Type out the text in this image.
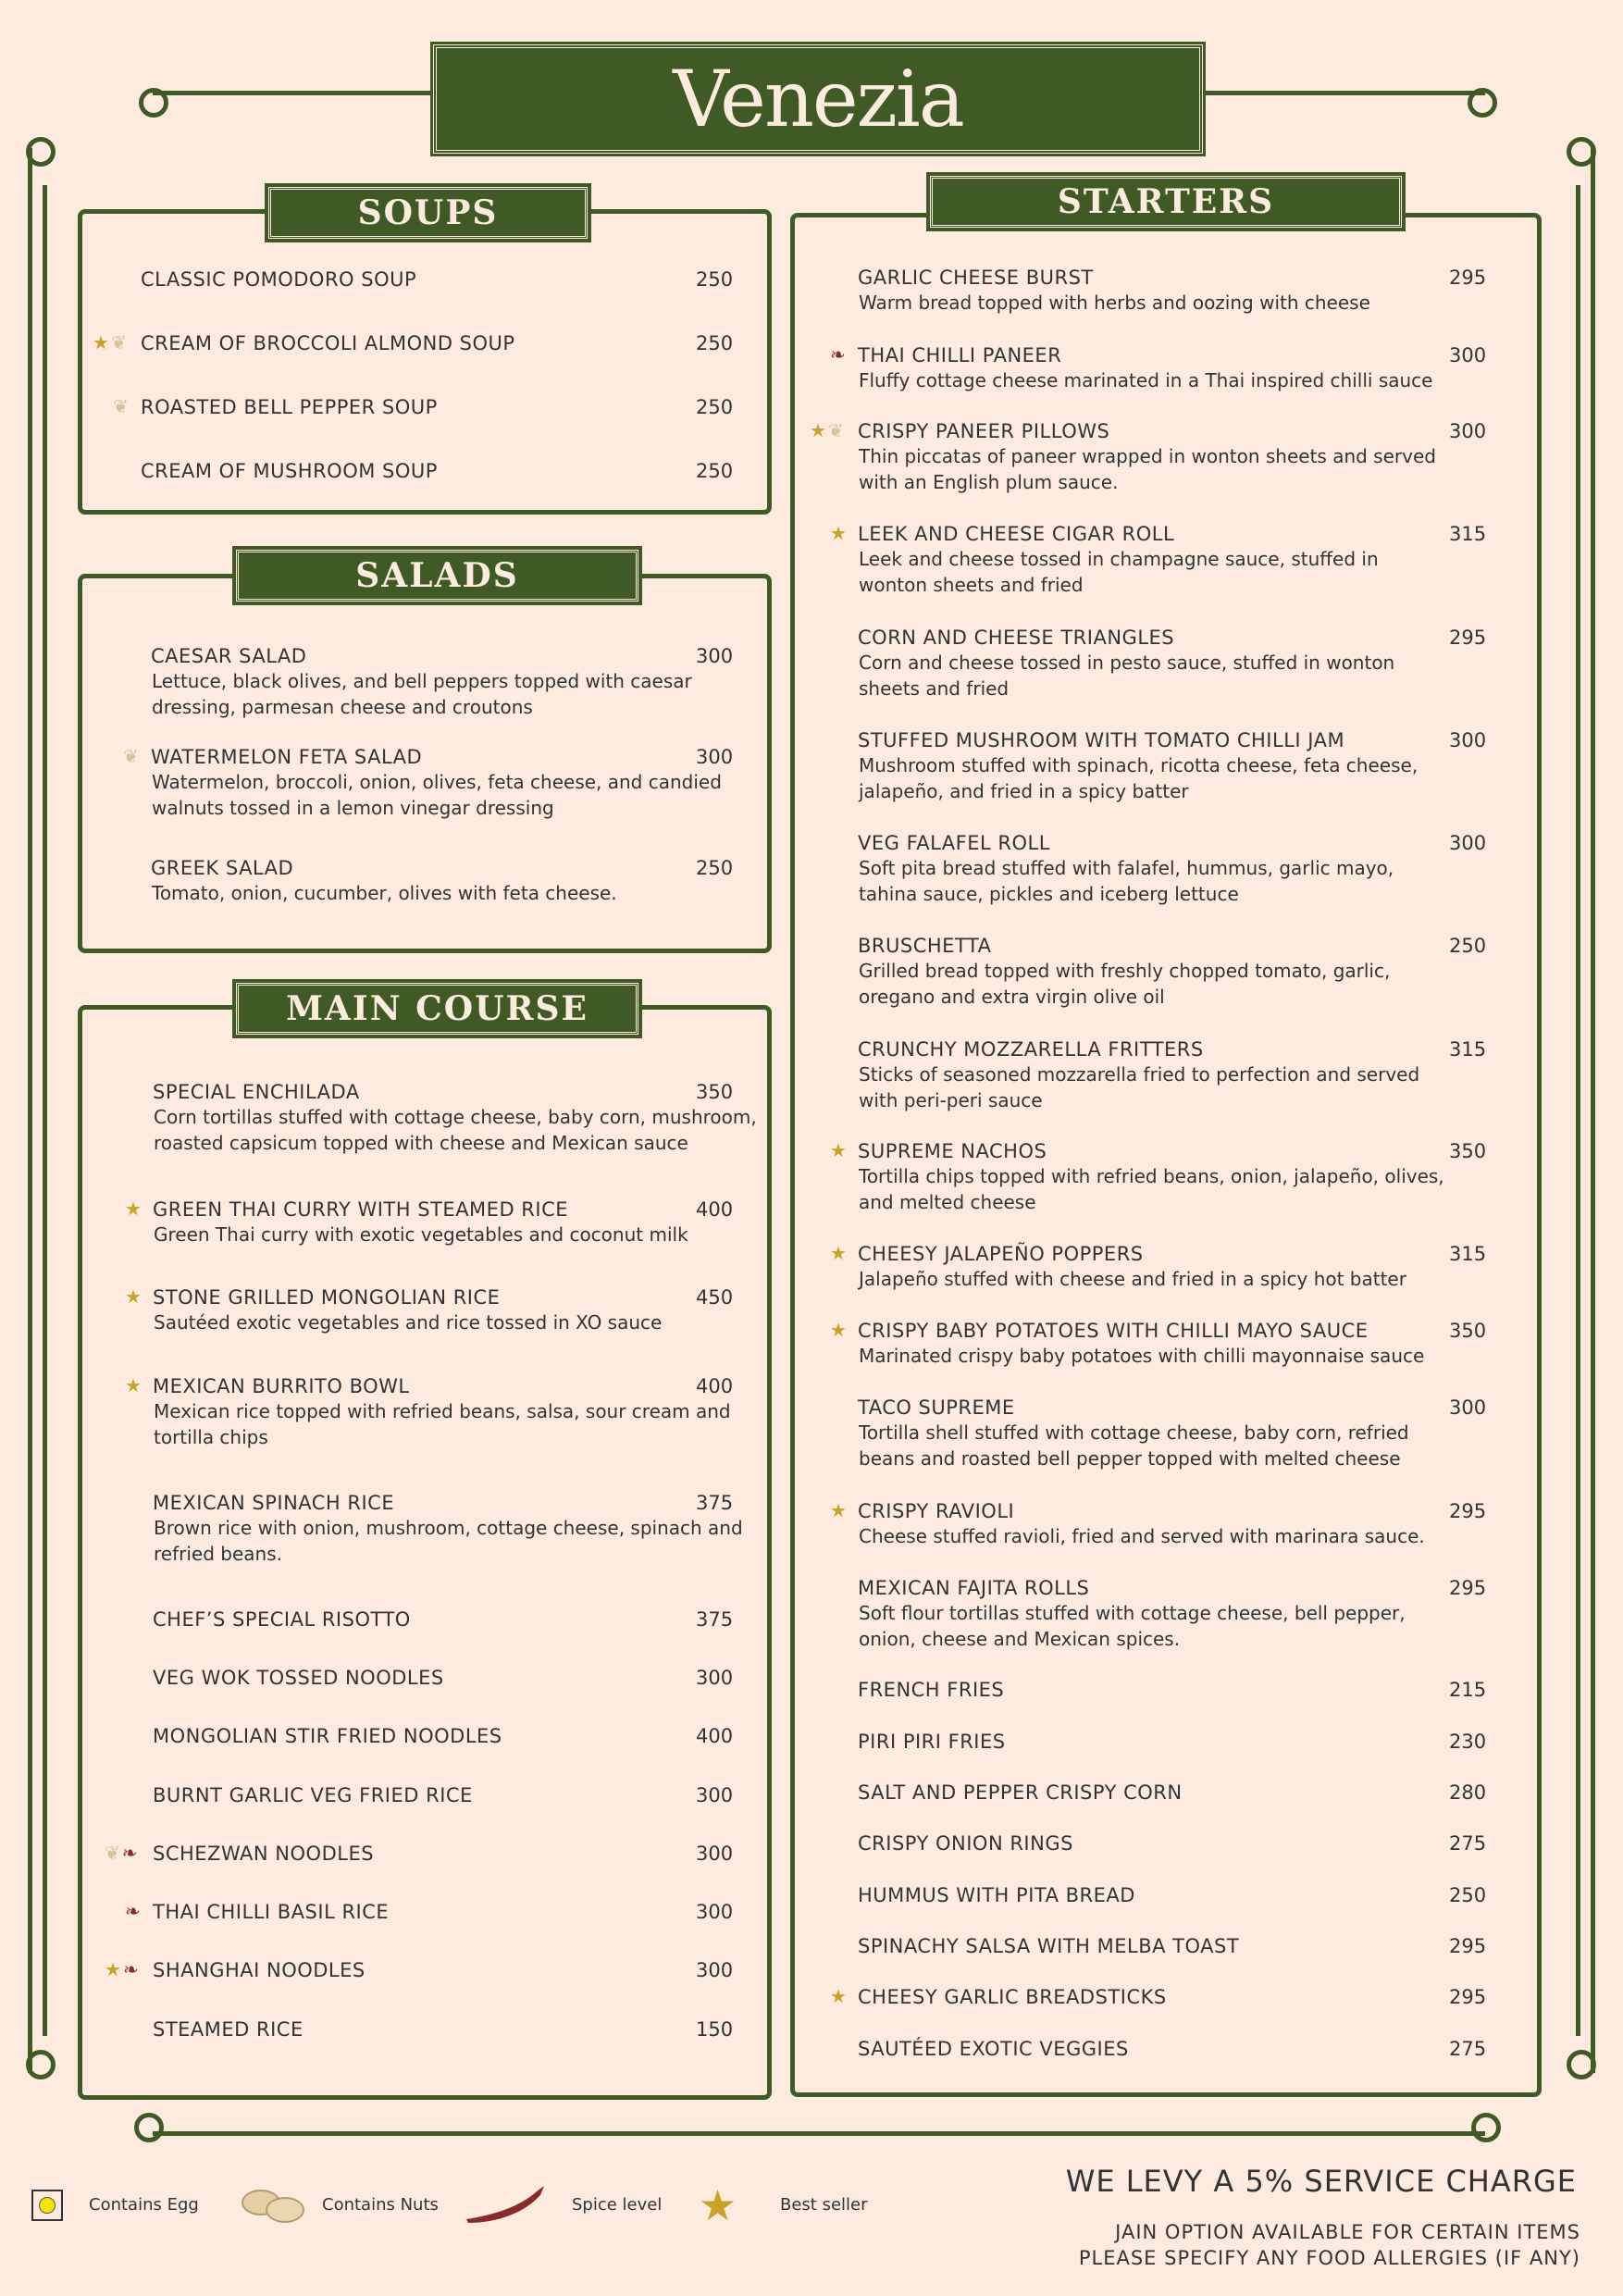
Venezia
SOUPS
SALADS
MAIN COURSE
STARTERS
CLASSIC POMODORO SOUP	250
CREAM OF BROCCOLI ALMOND SOUP	250
★ ❦
ROASTED BELL PEPPER SOUP	250
❦
CREAM OF MUSHROOM SOUP	250
CAESAR SALAD	300
Lettuce, black olives, and bell peppers topped with caesar dressing, parmesan cheese and croutons
WATERMELON FETA SALAD	300
Watermelon, broccoli, onion, olives, feta cheese, and candied walnuts tossed in a lemon vinegar dressing
❦
GREEK SALAD	250
Tomato, onion, cucumber, olives with feta cheese.
SPECIAL ENCHILADA	350
Corn tortillas stuffed with cottage cheese, baby corn, mushroom, roasted capsicum topped with cheese and Mexican sauce
GREEN THAI CURRY WITH STEAMED RICE	400
Green Thai curry with exotic vegetables and coconut milk
★
STONE GRILLED MONGOLIAN RICE	450
Sautéed exotic vegetables and rice tossed in XO sauce
★
MEXICAN BURRITO BOWL	400
Mexican rice topped with refried beans, salsa, sour cream and tortilla chips
★
MEXICAN SPINACH RICE	375
Brown rice with onion, mushroom, cottage cheese, spinach and refried beans.
CHEF’S SPECIAL RISOTTO	375
VEG WOK TOSSED NOODLES	300
MONGOLIAN STIR FRIED NOODLES	400
BURNT GARLIC VEG FRIED RICE	300
SCHEZWAN NOODLES	300
❦ ❧
THAI CHILLI BASIL RICE	300
❧
SHANGHAI NOODLES	300
★ ❧
STEAMED RICE	150
GARLIC CHEESE BURST	295
Warm bread topped with herbs and oozing with cheese
THAI CHILLI PANEER	300
Fluffy cottage cheese marinated in a Thai inspired chilli sauce
❧
CRISPY PANEER PILLOWS	300
Thin piccatas of paneer wrapped in wonton sheets and served with an English plum sauce.
★ ❦
LEEK AND CHEESE CIGAR ROLL	315
Leek and cheese tossed in champagne sauce, stuffed in wonton sheets and fried
★
CORN AND CHEESE TRIANGLES	295
Corn and cheese tossed in pesto sauce, stuffed in wonton sheets and fried
STUFFED MUSHROOM WITH TOMATO CHILLI JAM	300
Mushroom stuffed with spinach, ricotta cheese, feta cheese, jalapeño, and fried in a spicy batter
VEG FALAFEL ROLL	300
Soft pita bread stuffed with falafel, hummus, garlic mayo, tahina sauce, pickles and iceberg lettuce
BRUSCHETTA	250
Grilled bread topped with freshly chopped tomato, garlic, oregano and extra virgin olive oil
CRUNCHY MOZZARELLA FRITTERS	315
Sticks of seasoned mozzarella fried to perfection and served with peri-peri sauce
SUPREME NACHOS	350
Tortilla chips topped with refried beans, onion, jalapeño, olives, and melted cheese
★
CHEESY JALAPEÑO POPPERS	315
Jalapeño stuffed with cheese and fried in a spicy hot batter
★
CRISPY BABY POTATOES WITH CHILLI MAYO SAUCE	350
Marinated crispy baby potatoes with chilli mayonnaise sauce
★
TACO SUPREME	300
Tortilla shell stuffed with cottage cheese, baby corn, refried beans and roasted bell pepper topped with melted cheese
CRISPY RAVIOLI	295
Cheese stuffed ravioli, fried and served with marinara sauce.
★
MEXICAN FAJITA ROLLS	295
Soft flour tortillas stuffed with cottage cheese, bell pepper, onion, cheese and Mexican spices.
FRENCH FRIES	215
PIRI PIRI FRIES	230
SALT AND PEPPER CRISPY CORN	280
CRISPY ONION RINGS	275
HUMMUS WITH PITA BREAD	250
SPINACHY SALSA WITH MELBA TOAST	295
CHEESY GARLIC BREADSTICKS	295
★
SAUTÉED EXOTIC VEGGIES	275
Contains Egg	Contains Nuts	Spice level ★	Best seller
WE LEVY A 5% SERVICE CHARGE
JAIN OPTION AVAILABLE FOR CERTAIN ITEMS
PLEASE SPECIFY ANY FOOD ALLERGIES (IF ANY)
